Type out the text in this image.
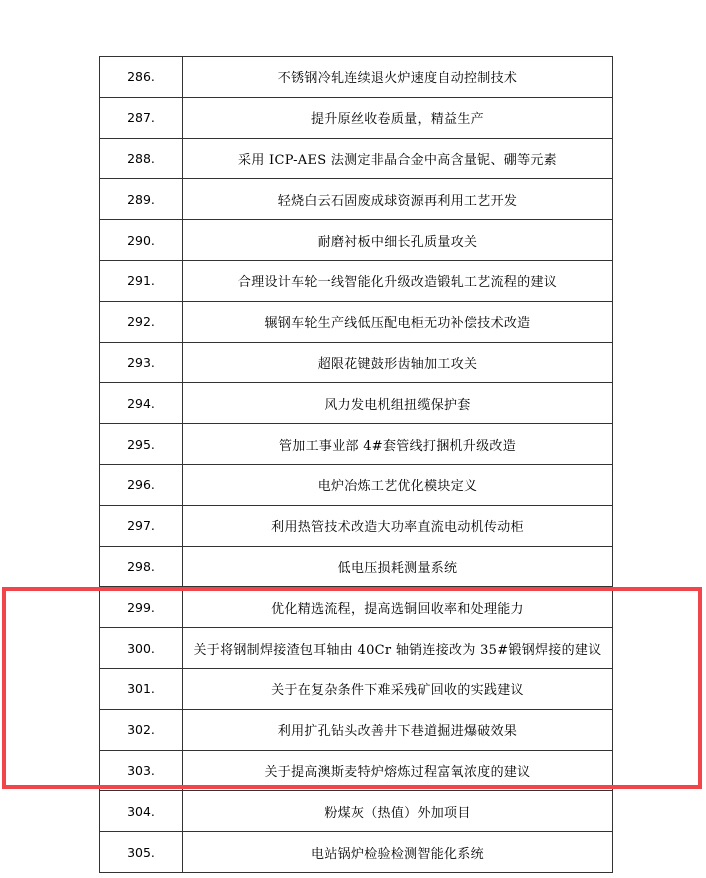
286.	不锈钢冷轧连续退火炉速度自动控制技术
287.	提升原丝收卷质量，精益生产
288.	采用 ICP-AES 法测定非晶合金中高含量铌、硼等元素
289.	轻烧白云石固废成球资源再利用工艺开发
290.	耐磨衬板中细长孔质量攻关
291.	合理设计车轮一线智能化升级改造锻轧工艺流程的建议
292.	辗钢车轮生产线低压配电柜无功补偿技术改造
293.	超限花键鼓形齿轴加工攻关
294.	风力发电机组扭缆保护套
295.	管加工事业部 4#套管线打捆机升级改造
296.	电炉冶炼工艺优化模块定义
297.	利用热管技术改造大功率直流电动机传动柜
298.	低电压损耗测量系统
299.	优化精选流程，提高选铜回收率和处理能力
300.	关于将钢制焊接渣包耳轴由 40Cr 轴销连接改为 35#锻钢焊接的建议
301.	关于在复杂条件下难采残矿回收的实践建议
302.	利用扩孔钻头改善井下巷道掘进爆破效果
303.	关于提高澳斯麦特炉熔炼过程富氧浓度的建议
304.	粉煤灰（热值）外加项目
305.	电站锅炉检验检测智能化系统
